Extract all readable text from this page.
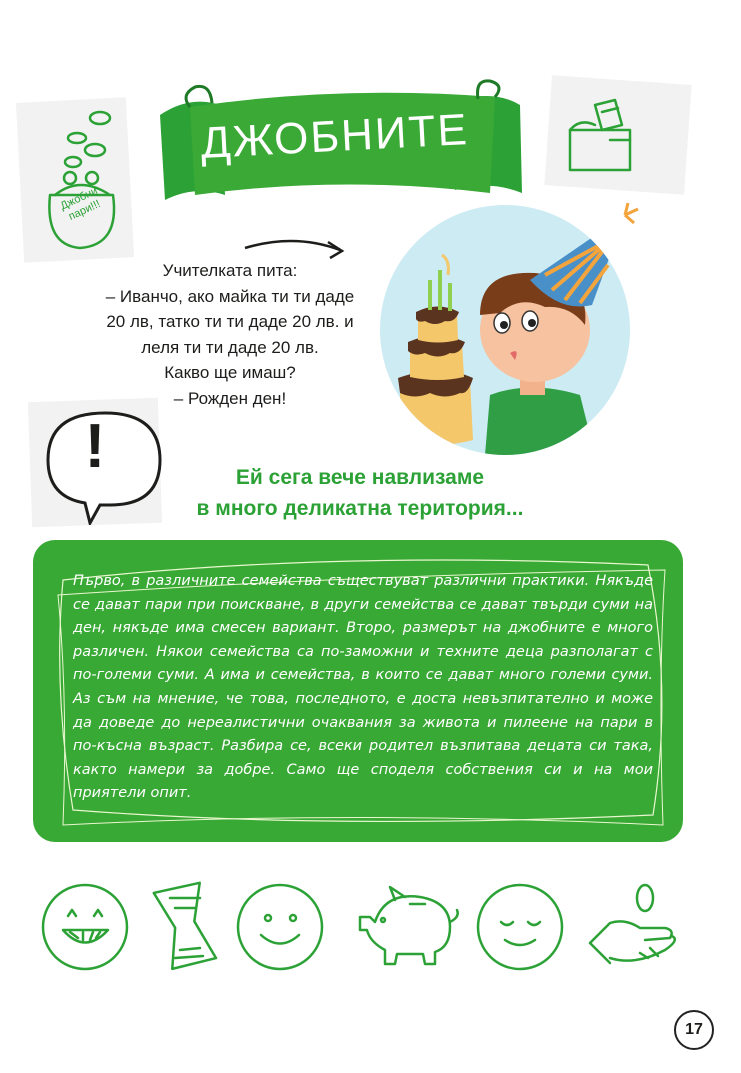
Джобни пари!!!
ДЖОБНИТЕ
Учителката пита:
– Иванчо, ако майка ти ти даде
20 лв, татко ти ти даде 20 лв. и
леля ти ти даде 20 лв.
Какво ще имаш?
– Рожден ден!
!	Ей сега вече навлизаме
в много деликатна територия...
Първо, в различните семейства съществуват различни практики. Някъде се дават пари при поискване, в други семейства се дават твърди суми на ден, някъде има смесен вариант. Второ, размерът на джобните е много различен. Някои семейства са по-заможни и техните деца разполагат с по-големи суми. А има и семейства, в които се дават много големи суми. Аз съм на мнение, че това, последното, е доста невъзпитателно и може да доведе до нереалистични очаквания за живота и пилеене на пари в по-късна възраст. Разбира се, всеки родител възпитава децата си така, както намери за добре. Само ще споделя собствения си и на мои приятели опит.
17
